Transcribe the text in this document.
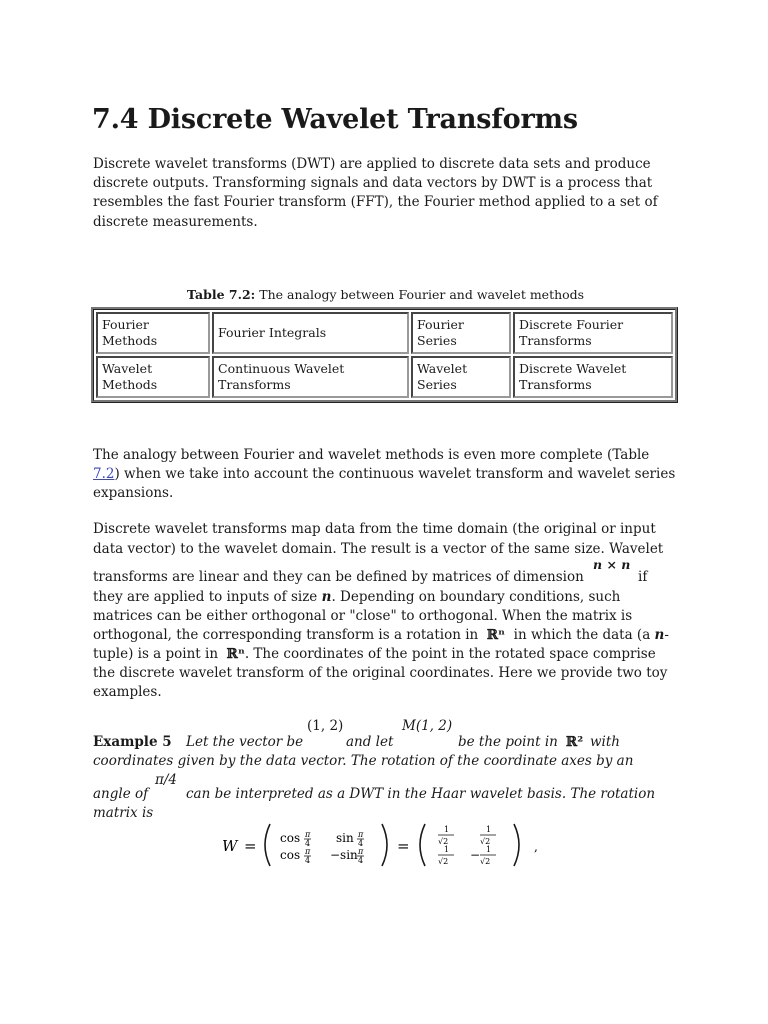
7.4 Discrete Wavelet Transforms
Discrete wavelet transforms (DWT) are applied to discrete data sets and produce discrete outputs. Transforming signals and data vectors by DWT is a process that resembles the fast Fourier transform (FFT), the Fourier method applied to a set of discrete measurements.
Table 7.2: The analogy between Fourier and wavelet methods
Fourier Methods	Fourier Integrals	Fourier Series	Discrete Fourier Transforms
Wavelet Methods	Continuous Wavelet Transforms	Wavelet Series	Discrete Wavelet Transforms
The analogy between Fourier and wavelet methods is even more complete (Table 7.2) when we take into account the continuous wavelet transform and wavelet series expansions.
Discrete wavelet transforms map data from the time domain (the original or input
data vector) to the wavelet domain. The result is a vector of the same size. Wavelet
transforms are linear and they can be defined by matrices of dimension
n × n
if
they are applied to inputs of size n. Depending on boundary conditions, such
matrices can be either orthogonal or "close" to orthogonal. When the matrix is
orthogonal, the corresponding transform is a rotation in ℝⁿ in which the data (a n-
tuple) is a point in ℝⁿ. The coordinates of the point in the rotated space comprise
the discrete wavelet transform of the original coordinates. Here we provide two toy
examples.
Example 5 Let the vector be
(1, 2)
and let
M(1, 2)
be the point in ℝ² with
coordinates given by the data vector. The rotation of the coordinate axes by an
angle of
π/4
can be interpreted as a DWT in the Haar wavelet basis. The rotation
matrix is
W = cos π
4 sin π
4
cos π
4 −sin π
4
=
1
√2
1
√2
1
√2 − 1
√2
,
